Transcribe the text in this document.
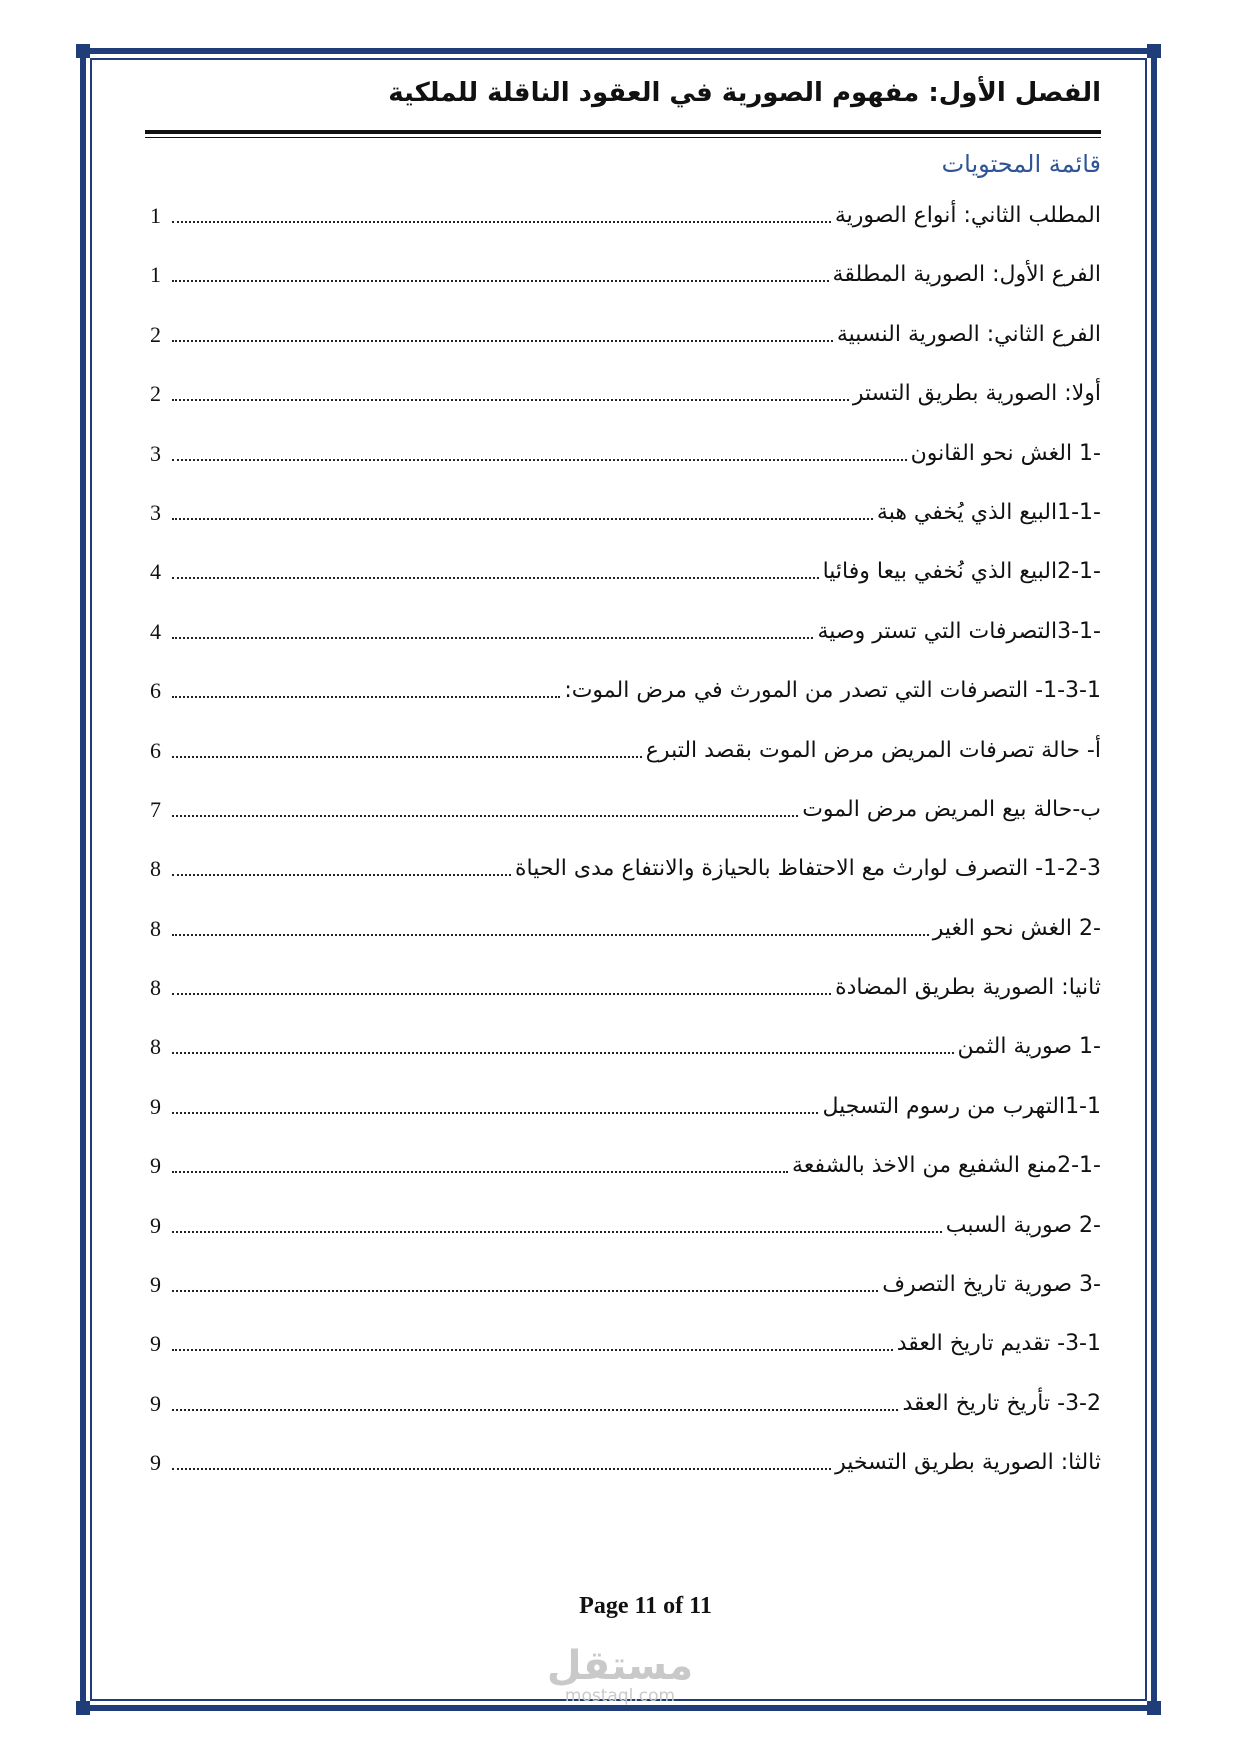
الفصل الأول: مفهوم الصورية في العقود الناقلة للملكية
قائمة المحتويات
1	المطلب الثاني: أنواع الصورية
1	الفرع الأول: الصورية المطلقة
2	الفرع الثاني: الصورية النسبية
2	أولا: الصورية بطريق التستر
3	-1 الغش نحو القانون
3	-1-1البيع الذي يُخفي هبة
4	-2-1البيع الذي نُخفي بيعا وفائيا
4	-3-1التصرفات التي تستر وصية
6	1-3-1- التصرفات التي تصدر من المورث في مرض الموت:
6	أ- حالة تصرفات المريض مرض الموت بقصد التبرع
7	ب-حالة بيع المريض مرض الموت
8	1-2-3- التصرف لوارث مع الاحتفاظ بالحيازة والانتفاع مدى الحياة
8	-2 الغش نحو الغير
8	ثانيا: الصورية بطريق المضادة
8	-1 صورية الثمن
9	1-1التهرب من رسوم التسجيل
9	-2-1منع الشفيع من الاخذ بالشفعة
9	-2 صورية السبب
9	-3 صورية تاريخ التصرف
9	3-1- تقديم تاريخ العقد
9	3-2- تأريخ تاريخ العقد
9	ثالثا: الصورية بطريق التسخير
Page 11 of 11
مستقل
mostaql.com
